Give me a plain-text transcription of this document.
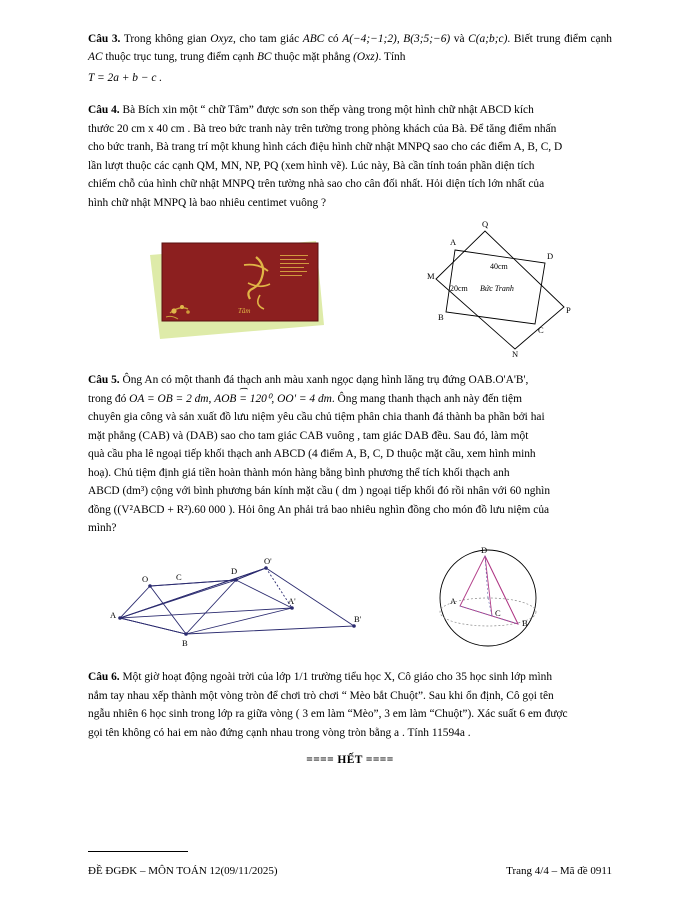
Câu 3. Trong không gian Oxyz, cho tam giác ABC có A(−4;−1;2), B(3;5;−6) và C(a;b;c). Biết trung điểm cạnh AC thuộc trục tung, trung điểm cạnh BC thuộc mặt phẳng (Oxz). Tính
T = 2a + b − c .
Câu 4. Bà Bích xin một “ chữ Tâm” được sơn son thếp vàng trong một hình chữ nhật ABCD kích
thước 20 cm x 40 cm . Bà treo bức tranh này trên tường trong phòng khách của Bà. Để tăng điểm nhấn
cho bức tranh, Bà trang trí một khung hình cách điệu hình chữ nhật MNPQ sao cho các điểm A, B, C, D
lần lượt thuộc các cạnh QM, MN, NP, PQ (xem hình vẽ). Lúc này, Bà cần tính toán phần diện tích
chiếm chỗ của hình chữ nhật MNPQ trên tường nhà sao cho cân đối nhất. Hỏi diện tích lớn nhất của
hình chữ nhật MNPQ là bao nhiêu centimet vuông ?
Tâm
Q
A
D
M
B
C
N
P
40cm
20cm Bức Tranh
Câu 5. Ông An có một thanh đá thạch anh màu xanh ngọc dạng hình lăng trụ đứng OAB.O'A'B',
trong đó OA = OB = 2 dm, ⌢ AOB = 120⁰, OO' = 4 dm. Ông mang thanh thạch anh này đến tiệm
chuyên gia công và sản xuất đồ lưu niệm yêu cầu chủ tiệm phân chia thanh đá thành ba phần bởi hai
mặt phẳng (CAB) và (DAB) sao cho tam giác CAB vuông , tam giác DAB đều. Sau đó, làm một
quà cầu pha lê ngoại tiếp khối thạch anh ABCD (4 điểm A, B, C, D thuộc mặt cầu, xem hình minh
hoạ). Chủ tiệm định giá tiền hoàn thành món hàng bằng bình phương thể tích khối thạch anh
ABCD (dm³) cộng với bình phương bán kính mặt cầu ( dm ) ngoại tiếp khối đó rồi nhân với 60 nghìn
đồng ((V²ABCD + R²).60 000 ). Hỏi ông An phải trả bao nhiêu nghìn đồng cho món đồ lưu niệm của
mình?
A
O
D
O'
B
A'
B'
C
D
A
B
C
Câu 6. Một giờ hoạt động ngoài trời của lớp 1/1 trường tiểu học X, Cô giáo cho 35 học sinh lớp mình
nắm tay nhau xếp thành một vòng tròn để chơi trò chơi “ Mèo bắt Chuột”. Sau khi ổn định, Cô gọi tên
ngẫu nhiên 6 học sinh trong lớp ra giữa vòng ( 3 em làm “Mèo”, 3 em làm “Chuột”). Xác suất 6 em được
gọi tên không có hai em nào đứng cạnh nhau trong vòng tròn bằng a . Tính 11594a .
==== HẾT ====
ĐỀ ĐGĐK – MÔN TOÁN 12(09/11/2025)	Trang 4/4 – Mã đề 0911
